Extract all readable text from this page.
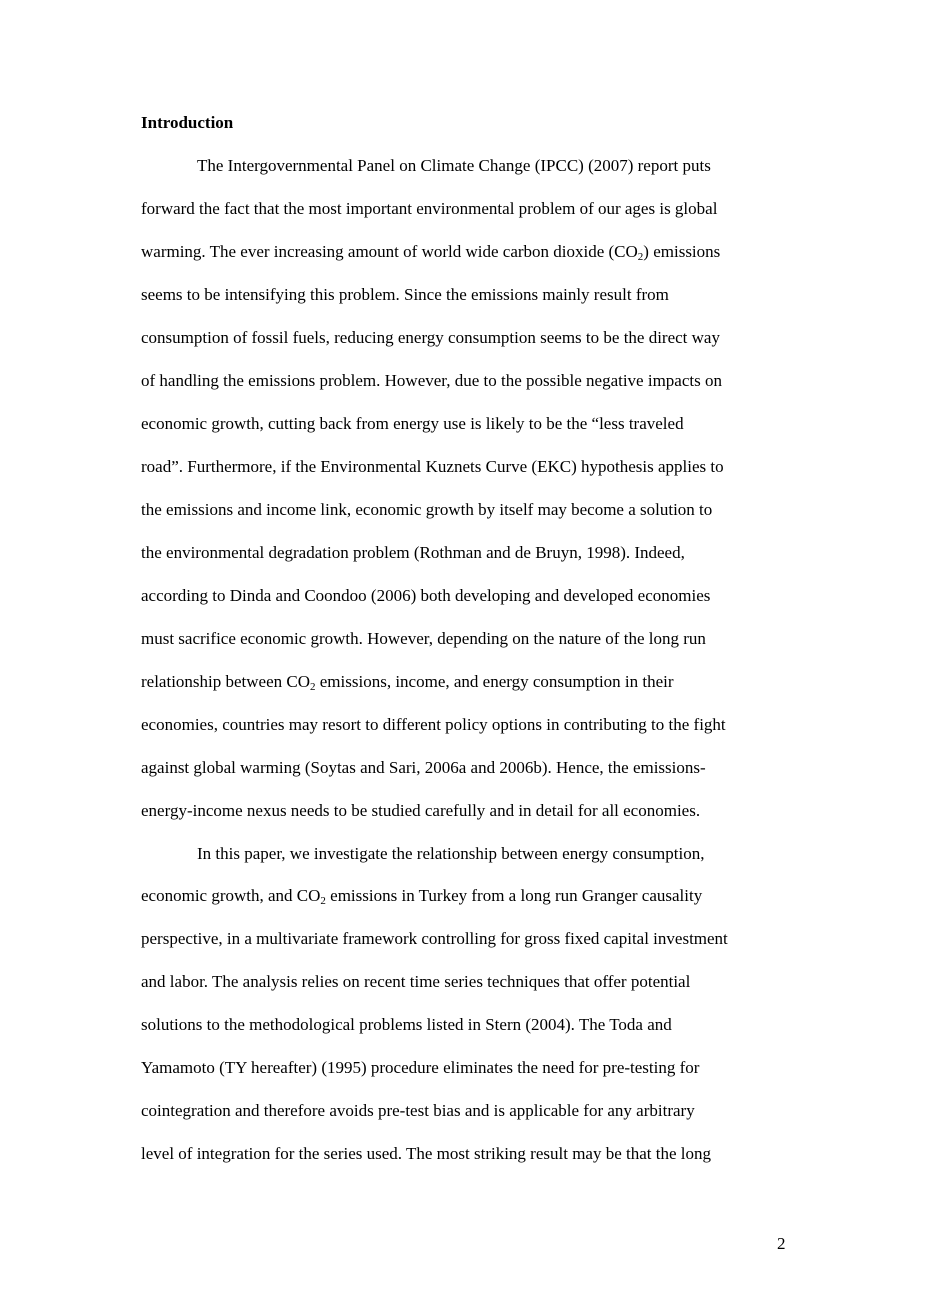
Introduction
The Intergovernmental Panel on Climate Change (IPCC) (2007) report puts
forward the fact that the most important environmental problem of our ages is global
warming. The ever increasing amount of world wide carbon dioxide $(CO_2)$ emissions
seems to be intensifying this problem. Since the emissions mainly result from
consumption of fossil fuels, reducing energy consumption seems to be the direct way
of handling the emissions problem. However, due to the possible negative impacts on
economic growth, cutting back from energy use is likely to be the “less traveled
road”. Furthermore, if the Environmental Kuznets Curve (EKC) hypothesis applies to
the emissions and income link, economic growth by itself may become a solution to
the environmental degradation problem (Rothman and de Bruyn, 1998). Indeed,
according to Dinda and Coondoo (2006) both developing and developed economies
must sacrifice economic growth. However, depending on the nature of the long run
relationship between $CO_2$ emissions, income, and energy consumption in their
economies, countries may resort to different policy options in contributing to the fight
against global warming (Soytas and Sari, 2006a and 2006b). Hence, the emissions-
energy-income nexus needs to be studied carefully and in detail for all economies.
In this paper, we investigate the relationship between energy consumption,
economic growth, and $CO_2$ emissions in Turkey from a long run Granger causality
perspective, in a multivariate framework controlling for gross fixed capital investment
and labor. The analysis relies on recent time series techniques that offer potential
solutions to the methodological problems listed in Stern (2004). The Toda and
Yamamoto (TY hereafter) (1995) procedure eliminates the need for pre-testing for
cointegration and therefore avoids pre-test bias and is applicable for any arbitrary
level of integration for the series used. The most striking result may be that the long
2
